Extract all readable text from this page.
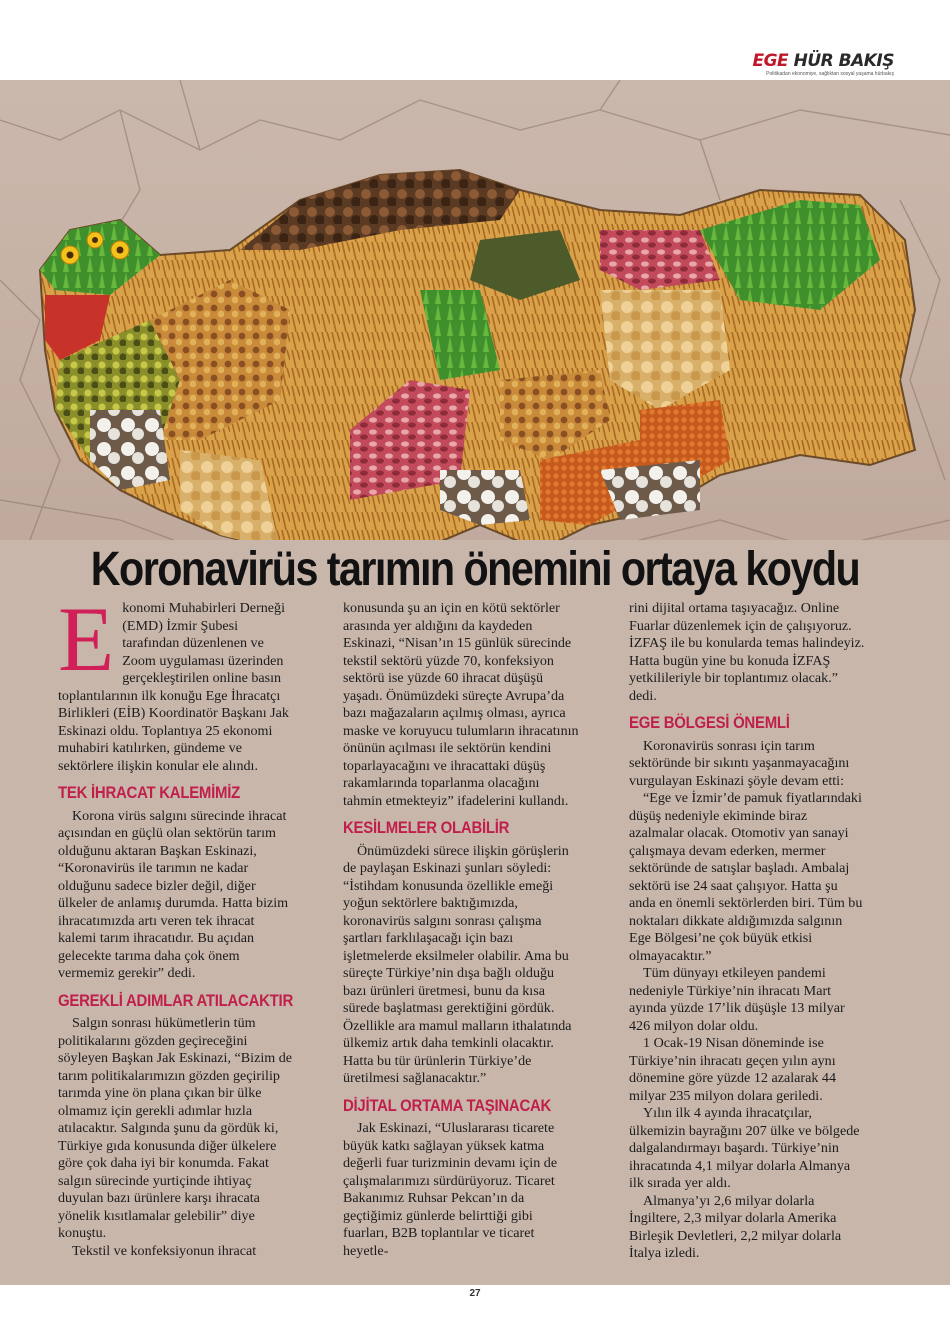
EGE HÜR BAKIŞ
Politikadan ekonomiye, sağlıktan sosyal yaşama hürbakış
Koronavirüs tarımın önemini ortaya koydu

Ekonomi Muhabirleri Derneği (EMD) İzmir Şubesi tarafından düzenlenen ve Zoom uygulaması üzerinden gerçekleştirilen online basın toplantılarının ilk konuğu Ege İhracatçı Birlikleri (EİB) Koordinatör Başkanı Jak Eskinazi oldu. Toplantıya 25 ekonomi muhabiri katılırken, gündeme ve sektörlere ilişkin konular ele alındı.

TEK İHRACAT KALEMİMİZ

Korona virüs salgını sürecinde ihracat açısından en güçlü olan sektörün tarım olduğunu aktaran Başkan Eskinazi, “Koronavirüs ile tarımın ne kadar olduğunu sadece bizler değil, diğer ülkeler de anlamış durumda. Hatta bizim ihracatımızda artı veren tek ihracat kalemi tarım ihracatıdır. Bu açıdan gelecekte tarıma daha çok önem vermemiz gerekir” dedi.

GEREKLİ ADIMLAR ATILACAKTIR

Salgın sonrası hükümetlerin tüm politikalarını gözden geçireceğini söyleyen Başkan Jak Eskinazi, “Bizim de tarım politikalarımızın gözden geçirilip tarımda yine ön plana çıkan bir ülke olmamız için gerekli adımlar hızla atılacaktır. Salgında şunu da gördük ki, Türkiye gıda konusunda diğer ülkelere göre çok daha iyi bir konumda. Fakat salgın sürecinde yurtiçinde ihtiyaç duyulan bazı ürünlere karşı ihracata yönelik kısıtlamalar gelebilir” diye konuştu.

Tekstil ve konfeksiyonun ihracat

konusunda şu an için en kötü sektörler arasında yer aldığını da kaydeden Eskinazi, “Nisan’ın 15 günlük sürecinde tekstil sektörü yüzde 70, konfeksiyon sektörü ise yüzde 60 ihracat düşüşü yaşadı. Önümüzdeki süreçte Avrupa’da bazı mağazaların açılmış olması, ayrıca maske ve koruyucu tulumların ihracatının önünün açılması ile sektörün kendini toparlayacağını ve ihracattaki düşüş rakamlarında toparlanma olacağını tahmin etmekteyiz” ifadelerini kullandı.

KESİLMELER OLABİLİR

Önümüzdeki sürece ilişkin görüşlerin de paylaşan Eskinazi şunları söyledi: “İstihdam konusunda özellikle emeği yoğun sektörlere baktığımızda, koronavirüs salgını sonrası çalışma şartları farklılaşacağı için bazı işletmelerde eksilmeler olabilir. Ama bu süreçte Türkiye’nin dışa bağlı olduğu bazı ürünleri üretmesi, bunu da kısa sürede başlatması gerektiğini gördük. Özellikle ara mamul malların ithalatında ülkemiz artık daha temkinli olacaktır. Hatta bu tür ürünlerin Türkiye’de üretilmesi sağlanacaktır.”

DİJİTAL ORTAMA TAŞINACAK

Jak Eskinazi, “Uluslararası ticarete büyük katkı sağlayan yüksek katma değerli fuar turizminin devamı için de çalışmalarımızı sürdürüyoruz. Ticaret Bakanımız Ruhsar Pekcan’ın da geçtiğimiz günlerde belirttiği gibi fuarları, B2B toplantılar ve ticaret heyetle-

rini dijital ortama taşıyacağız. Online Fuarlar düzenlemek için de çalışıyoruz. İZFAŞ ile bu konularda temas halindeyiz. Hatta bugün yine bu konuda İZFAŞ yetkilileriyle bir toplantımız olacak.” dedi.

EGE BÖLGESİ ÖNEMLİ

Koronavirüs sonrası için tarım sektöründe bir sıkıntı yaşanmayacağını vurgulayan Eskinazi şöyle devam etti:

“Ege ve İzmir’de pamuk fiyatlarındaki düşüş nedeniyle ekiminde biraz azalmalar olacak. Otomotiv yan sanayi çalışmaya devam ederken, mermer sektöründe de satışlar başladı. Ambalaj sektörü ise 24 saat çalışıyor. Hatta şu anda en önemli sektörlerden biri. Tüm bu noktaları dikkate aldığımızda salgının Ege Bölgesi’ne çok büyük etkisi olmayacaktır.”

Tüm dünyayı etkileyen pandemi nedeniyle Türkiye’nin ihracatı Mart ayında yüzde 17’lik düşüşle 13 milyar 426 milyon dolar oldu.

1 Ocak-19 Nisan döneminde ise Türkiye’nin ihracatı geçen yılın aynı dönemine göre yüzde 12 azalarak 44 milyar 235 milyon dolara geriledi.

Yılın ilk 4 ayında ihracatçılar, ülkemizin bayrağını 207 ülke ve bölgede dalgalandırmayı başardı. Türkiye’nin ihracatında 4,1 milyar dolarla Almanya ilk sırada yer aldı.

Almanya’yı 2,6 milyar dolarla İngiltere, 2,3 milyar dolarla Amerika Birleşik Devletleri, 2,2 milyar dolarla İtalya izledi.

27
